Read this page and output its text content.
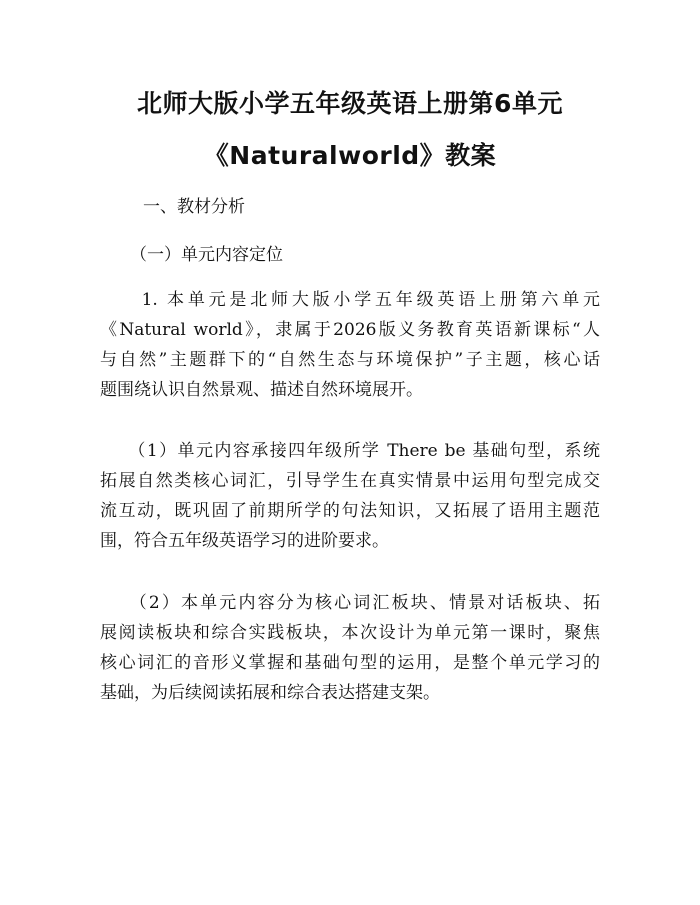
北师大版小学五年级英语上册第6单元
《Naturalworld》教案
一、教材分析
（一）单元内容定位
　　1. 本单元是北师大版小学五年级英语上册第六单元
《Natural world》，隶属于2026版义务教育英语新课标“人
与自然”主题群下的“自然生态与环境保护”子主题，核心话
题围绕认识自然景观、描述自然环境展开。
　　（1）单元内容承接四年级所学 There be 基础句型，系统
拓展自然类核心词汇，引导学生在真实情景中运用句型完成交
流互动，既巩固了前期所学的句法知识，又拓展了语用主题范
围，符合五年级英语学习的进阶要求。
　　（2）本单元内容分为核心词汇板块、情景对话板块、拓
展阅读板块和综合实践板块，本次设计为单元第一课时，聚焦
核心词汇的音形义掌握和基础句型的运用，是整个单元学习的
基础，为后续阅读拓展和综合表达搭建支架。
